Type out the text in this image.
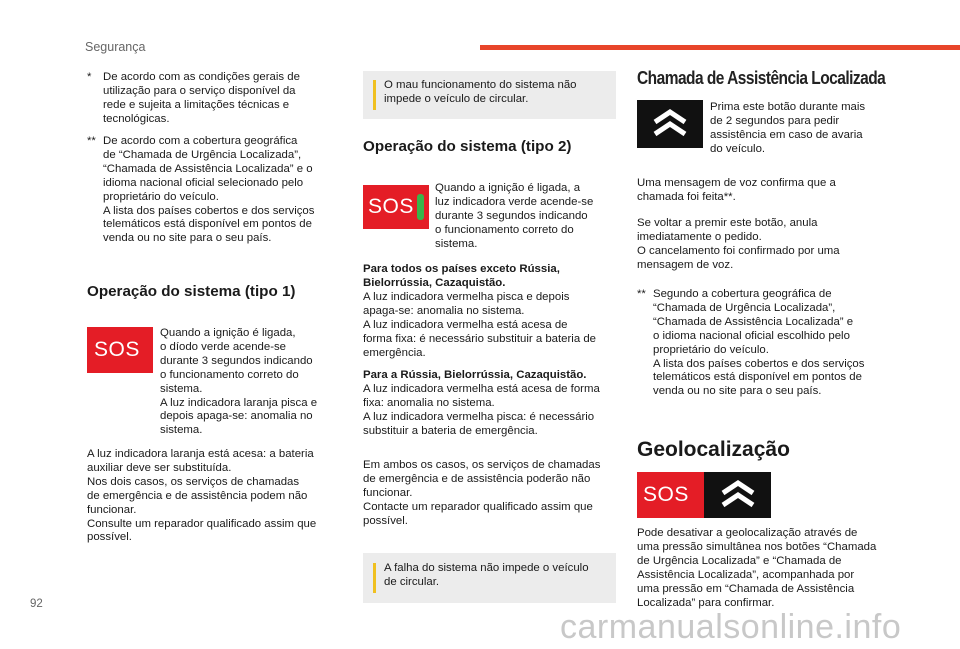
Segurança
*	De acordo com as condições gerais de
utilização para o serviço disponível da
rede e sujeita a limitações técnicas e
tecnológicas.
** De acordo com a cobertura geográfica
de “Chamada de Urgência Localizada”,
“Chamada de Assistência Localizada” e o
idioma nacional oficial selecionado pelo
proprietário do veículo.
A lista dos países cobertos e dos serviços
telemáticos está disponível em pontos de
venda ou no site para o seu país.
Operação do sistema (tipo 1)
SOS
Quando a ignição é ligada,
o díodo verde acende-se
durante 3 segundos indicando
o funcionamento correto do
sistema.
A luz indicadora laranja pisca e
depois apaga-se: anomalia no
sistema.
A luz indicadora laranja está acesa: a bateria
auxiliar deve ser substituída.
Nos dois casos, os serviços de chamadas
de emergência e de assistência podem não
funcionar.
Consulte um reparador qualificado assim que
possível.
O mau funcionamento do sistema não
impede o veículo de circular.
Operação do sistema (tipo 2)
SOS
Quando a ignição é ligada, a
luz indicadora verde acende-se
durante 3 segundos indicando
o funcionamento correto do
sistema.
Para todos os países exceto Rússia,
Bielorrússia, Cazaquistão.
A luz indicadora vermelha pisca e depois
apaga-se: anomalia no sistema.
A luz indicadora vermelha está acesa de
forma fixa: é necessário substituir a bateria de
emergência.
Para a Rússia, Bielorrússia, Cazaquistão.
A luz indicadora vermelha está acesa de forma
fixa: anomalia no sistema.
A luz indicadora vermelha pisca: é necessário
substituir a bateria de emergência.
Em ambos os casos, os serviços de chamadas
de emergência e de assistência poderão não
funcionar.
Contacte um reparador qualificado assim que
possível.
A falha do sistema não impede o veículo
de circular.
Chamada de Assistência Localizada
Prima este botão durante mais
de 2 segundos para pedir
assistência em caso de avaria
do veículo.
Uma mensagem de voz confirma que a
chamada foi feita**.
Se voltar a premir este botão, anula
imediatamente o pedido.
O cancelamento foi confirmado por uma
mensagem de voz.
** Segundo a cobertura geográfica de
“Chamada de Urgência Localizada”,
“Chamada de Assistência Localizada” e
o idioma nacional oficial escolhido pelo
proprietário do veículo.
A lista dos países cobertos e dos serviços
telemáticos está disponível em pontos de
venda ou no site para o seu país.
Geolocalização
SOS
Pode desativar a geolocalização através de
uma pressão simultânea nos botões “Chamada
de Urgência Localizada” e “Chamada de
Assistência Localizada”, acompanhada por
uma pressão em “Chamada de Assistência
Localizada” para confirmar.
92
carmanualsonline.info
